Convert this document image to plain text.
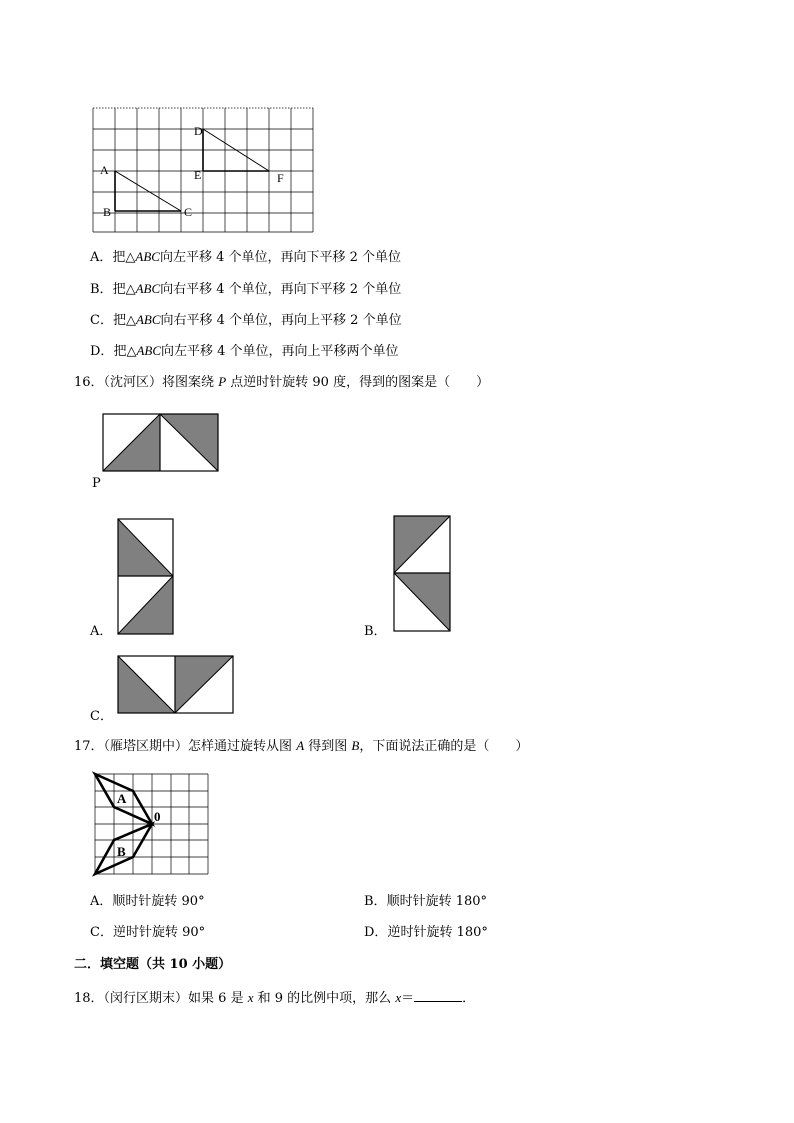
A
B	C
D
E	F
A．把△ABC向左平移 4 个单位，再向下平移 2 个单位
B．把△ABC向右平移 4 个单位，再向下平移 2 个单位
C．把△ABC向右平移 4 个单位，再向上平移 2 个单位
D．把△ABC向左平移 4 个单位，再向上平移两个单位
16．（沈河区）将图案绕 P 点逆时针旋转 90 度，得到的图案是（　　）
P
A．	B．
C．
17．（雁塔区期中）怎样通过旋转从图 A 得到图 B，下面说法正确的是（　　）
A
B
0
A．顺时针旋转 90°	B．顺时针旋转 180°
C．逆时针旋转 90°	D．逆时针旋转 180°
二．填空题（共 10 小题）
18．（闵行区期末）如果 6 是 x 和 9 的比例中项，那么 x＝	．
